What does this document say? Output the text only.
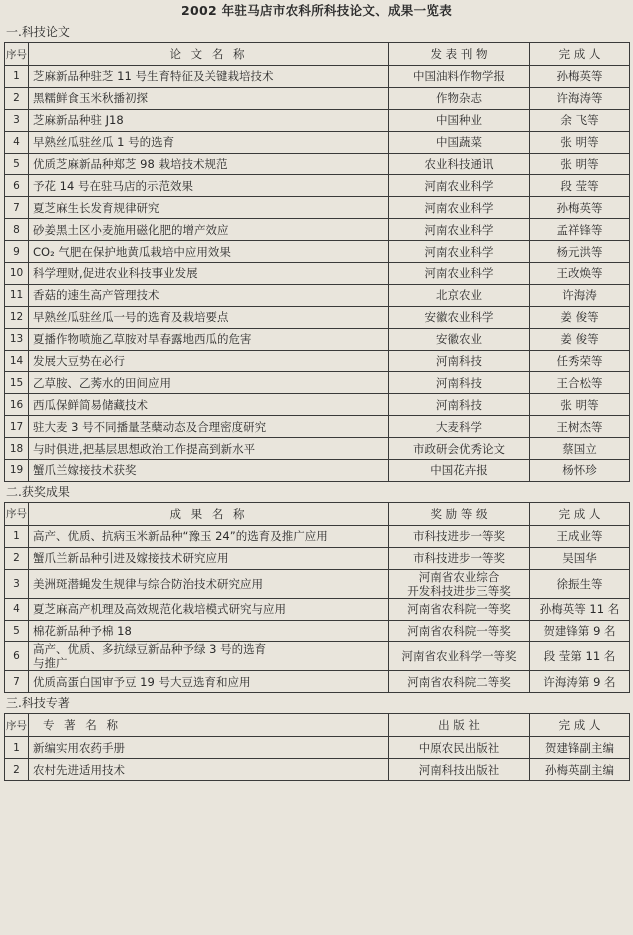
2002 年驻马店市农科所科技论文、成果一览表
一.科技论文
序号	论 文 名 称	发 表 刊 物	完 成 人
1	芝麻新品种驻芝 11 号生育特征及关键栽培技术	中国油料作物学报	孙梅英等
2	黑糯鲜食玉米秋播初探	作物杂志	许海涛等
3	芝麻新品种驻 J18	中国种业	余 飞等
4	早熟丝瓜驻丝瓜 1 号的选育	中国蔬菜	张 明等
5	优质芝麻新品种郑芝 98 栽培技术规范	农业科技通讯	张 明等
6	予花 14 号在驻马店的示范效果	河南农业科学	段 莹等
7	夏芝麻生长发育规律研究	河南农业科学	孙梅英等
8	砂姜黑土区小麦施用磁化肥的增产效应	河南农业科学	孟祥锋等
9	CO₂ 气肥在保护地黄瓜栽培中应用效果	河南农业科学	杨元洪等
10	科学理财,促进农业科技事业发展	河南农业科学	王改焕等
11	香菇的速生高产管理技术	北京农业	许海涛
12	早熟丝瓜驻丝瓜一号的选育及栽培要点	安徽农业科学	姜 俊等
13	夏播作物喷施乙草胺对旱春露地西瓜的危害	安徽农业	姜 俊等
14	发展大豆势在必行	河南科技	任秀荣等
15	乙草胺、乙莠水的田间应用	河南科技	王合松等
16	西瓜保鲜简易储藏技术	河南科技	张 明等
17	驻大麦 3 号不同播量茎蘖动态及合理密度研究	大麦科学	王树杰等
18	与时俱进,把基层思想政治工作提高到新水平	市政研会优秀论文	蔡国立
19	蟹爪兰嫁接技术获奖	中国花卉报	杨怀珍
二.获奖成果
序号	成 果 名 称	奖 励 等 级	完 成 人
1	高产、优质、抗病玉米新品种“豫玉 24”的选育及推广应用	市科技进步一等奖	王成业等
2	蟹爪兰新品种引进及嫁接技术研究应用	市科技进步一等奖	吴国华
3	美洲斑潜蝇发生规律与综合防治技术研究应用	河南省农业综合
开发科技进步三等奖	徐振生等
4	夏芝麻高产机理及高效规范化栽培模式研究与应用	河南省农科院一等奖	孙梅英等 11 名
5	棉花新品种予棉 18	河南省农科院一等奖	贺建锋第 9 名
6	高产、优质、多抗绿豆新品种予绿 3 号的选育
与推广	河南省农业科学一等奖	段 莹第 11 名
7	优质高蛋白国审予豆 19 号大豆选育和应用	河南省农科院二等奖	许海涛第 9 名
三.科技专著
序号	专 著 名 称	出 版 社	完 成 人
1	新编实用农药手册	中原农民出版社	贺建锋副主编
2	农村先进适用技术	河南科技出版社	孙梅英副主编
